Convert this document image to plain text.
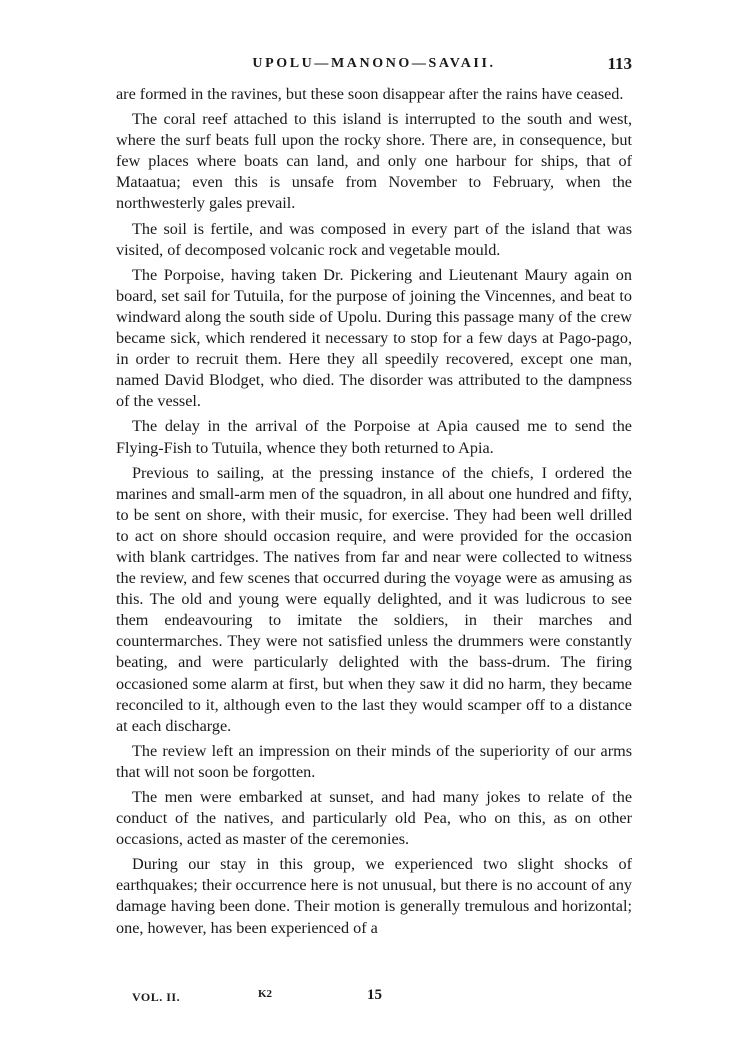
UPOLU—MANONO—SAVAII.	113

are formed in the ravines, but these soon disappear after the rains have ceased.

The coral reef attached to this island is interrupted to the south and west, where the surf beats full upon the rocky shore. There are, in consequence, but few places where boats can land, and only one harbour for ships, that of Mataatua; even this is unsafe from November to February, when the northwesterly gales prevail.

The soil is fertile, and was composed in every part of the island that was visited, of decomposed volcanic rock and vegetable mould.

The Porpoise, having taken Dr. Pickering and Lieutenant Maury again on board, set sail for Tutuila, for the purpose of joining the Vincennes, and beat to windward along the south side of Upolu. During this passage many of the crew became sick, which rendered it necessary to stop for a few days at Pago-pago, in order to recruit them. Here they all speedily recovered, except one man, named David Blodget, who died. The disorder was attributed to the dampness of the vessel.

The delay in the arrival of the Porpoise at Apia caused me to send the Flying-Fish to Tutuila, whence they both returned to Apia.

Previous to sailing, at the pressing instance of the chiefs, I ordered the marines and small-arm men of the squadron, in all about one hundred and fifty, to be sent on shore, with their music, for exercise. They had been well drilled to act on shore should occasion require, and were provided for the occasion with blank cartridges. The natives from far and near were collected to witness the review, and few scenes that occurred during the voyage were as amusing as this. The old and young were equally delighted, and it was ludicrous to see them endeavouring to imitate the soldiers, in their marches and countermarches. They were not satisfied unless the drummers were constantly beating, and were particularly delighted with the bass-drum. The firing occasioned some alarm at first, but when they saw it did no harm, they became reconciled to it, although even to the last they would scamper off to a distance at each discharge.

The review left an impression on their minds of the superiority of our arms that will not soon be forgotten.

The men were embarked at sunset, and had many jokes to relate of the conduct of the natives, and particularly old Pea, who on this, as on other occasions, acted as master of the ceremonies.

During our stay in this group, we experienced two slight shocks of earthquakes; their occurrence here is not unusual, but there is no account of any damage having been done. Their motion is generally tremulous and horizontal; one, however, has been experienced of a

VOL. II.	K2	15
